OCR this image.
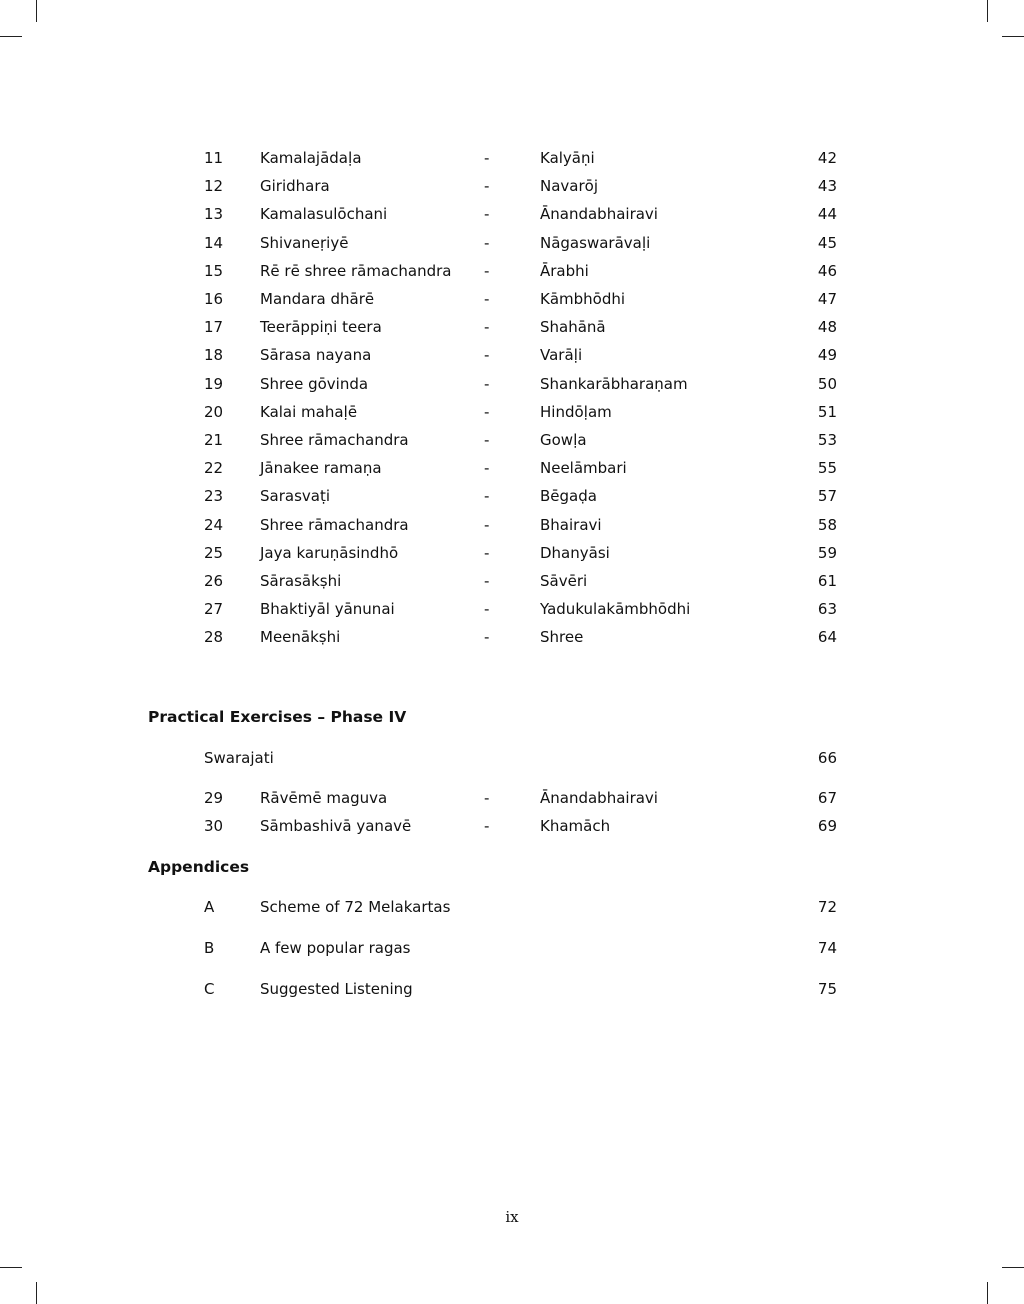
11 Kamalajādaḷa	-	Kalyāṇi	42
12 Giridhara	-	Navarōj	43
13 Kamalasulōchani	-	Ānandabhairavi	44
14 Shivaneṛiyē	-	Nāgaswarāvaḷi	45
15 Rē rē shree rāmachandra -	Ārabhi	46
16 Mandara dhārē	-	Kāmbhōdhi	47
17 Teerāppiṇi teera	-	Shahānā	48
18 Sārasa nayana	-	Varāḷi	49
19 Shree gōvinda	-	Shankarābharaṇam	50
20 Kalai mahaḷē	-	Hindōḷam	51
21 Shree rāmachandra	-	Gowḷa	53
22 Jānakee ramaṇa	-	Neelāmbari	55
23 Sarasvaṭi	-	Bēgaḍa	57
24 Shree rāmachandra	-	Bhairavi	58
25 Jaya karuṇāsindhō	-	Dhanyāsi	59
26 Sārasākṣhi	-	Sāvēri	61
27 Bhaktiyāl yānunai	-	Yadukulakāmbhōdhi	63
28 Meenākṣhi	-	Shree	64
Practical Exercises – Phase IV
Swarajati	66
29 Rāvēmē maguva	-	Ānandabhairavi	67
30 Sāmbashivā yanavē	-	Khamāch	69
Appendices
A	Scheme of 72 Melakartas	72
B	A few popular ragas	74
C	Suggested Listening	75
ix
